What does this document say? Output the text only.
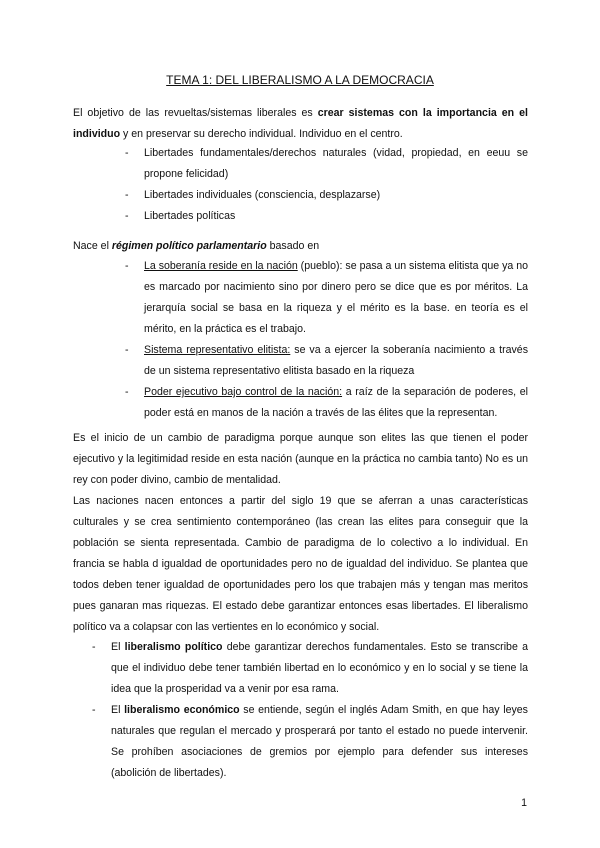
TEMA 1: DEL LIBERALISMO A LA DEMOCRACIA

El objetivo de las revueltas/sistemas liberales es crear sistemas con la importancia en el individuo y en preservar su derecho individual. Individuo en el centro.

- Libertades fundamentales/derechos naturales (vidad, propiedad, en eeuu se propone felicidad)
- Libertades individuales (consciencia, desplazarse)
- Libertades políticas

Nace el régimen político parlamentario basado en

- La soberanía reside en la nación (pueblo): se pasa a un sistema elitista que ya no es marcado por nacimiento sino por dinero pero se dice que es por méritos. La jerarquía social se basa en la riqueza y el mérito es la base. en teoría es el mérito, en la práctica es el trabajo.
- Sistema representativo elitista: se va a ejercer la soberanía nacimiento a través de un sistema representativo elitista basado en la riqueza
- Poder ejecutivo bajo control de la nación: a raíz de la separación de poderes, el poder está en manos de la nación a través de las élites que la representan.

Es el inicio de un cambio de paradigma porque aunque son elites las que tienen el poder ejecutivo y la legitimidad reside en esta nación (aunque en la práctica no cambia tanto) No es un rey con poder divino, cambio de mentalidad.

Las naciones nacen entonces a partir del siglo 19 que se aferran a unas características culturales y se crea sentimiento contemporáneo (las crean las elites para conseguir que la población se sienta representada. Cambio de paradigma de lo colectivo a lo individual. En francia se habla d igualdad de oportunidades pero no de igualdad del individuo. Se plantea que todos deben tener igualdad de oportunidades pero los que trabajen más y tengan mas meritos pues ganaran mas riquezas. El estado debe garantizar entonces esas libertades. El liberalismo político va a colapsar con las vertientes en lo económico y social.

- El liberalismo político debe garantizar derechos fundamentales. Esto se transcribe a que el individuo debe tener también libertad en lo económico y en lo social y se tiene la idea que la prosperidad va a venir por esa rama.
- El liberalismo económico se entiende, según el inglés Adam Smith, en que hay leyes naturales que regulan el mercado y prosperará por tanto el estado no puede intervenir. Se prohíben asociaciones de gremios por ejemplo para defender sus intereses (abolición de libertades).
1
